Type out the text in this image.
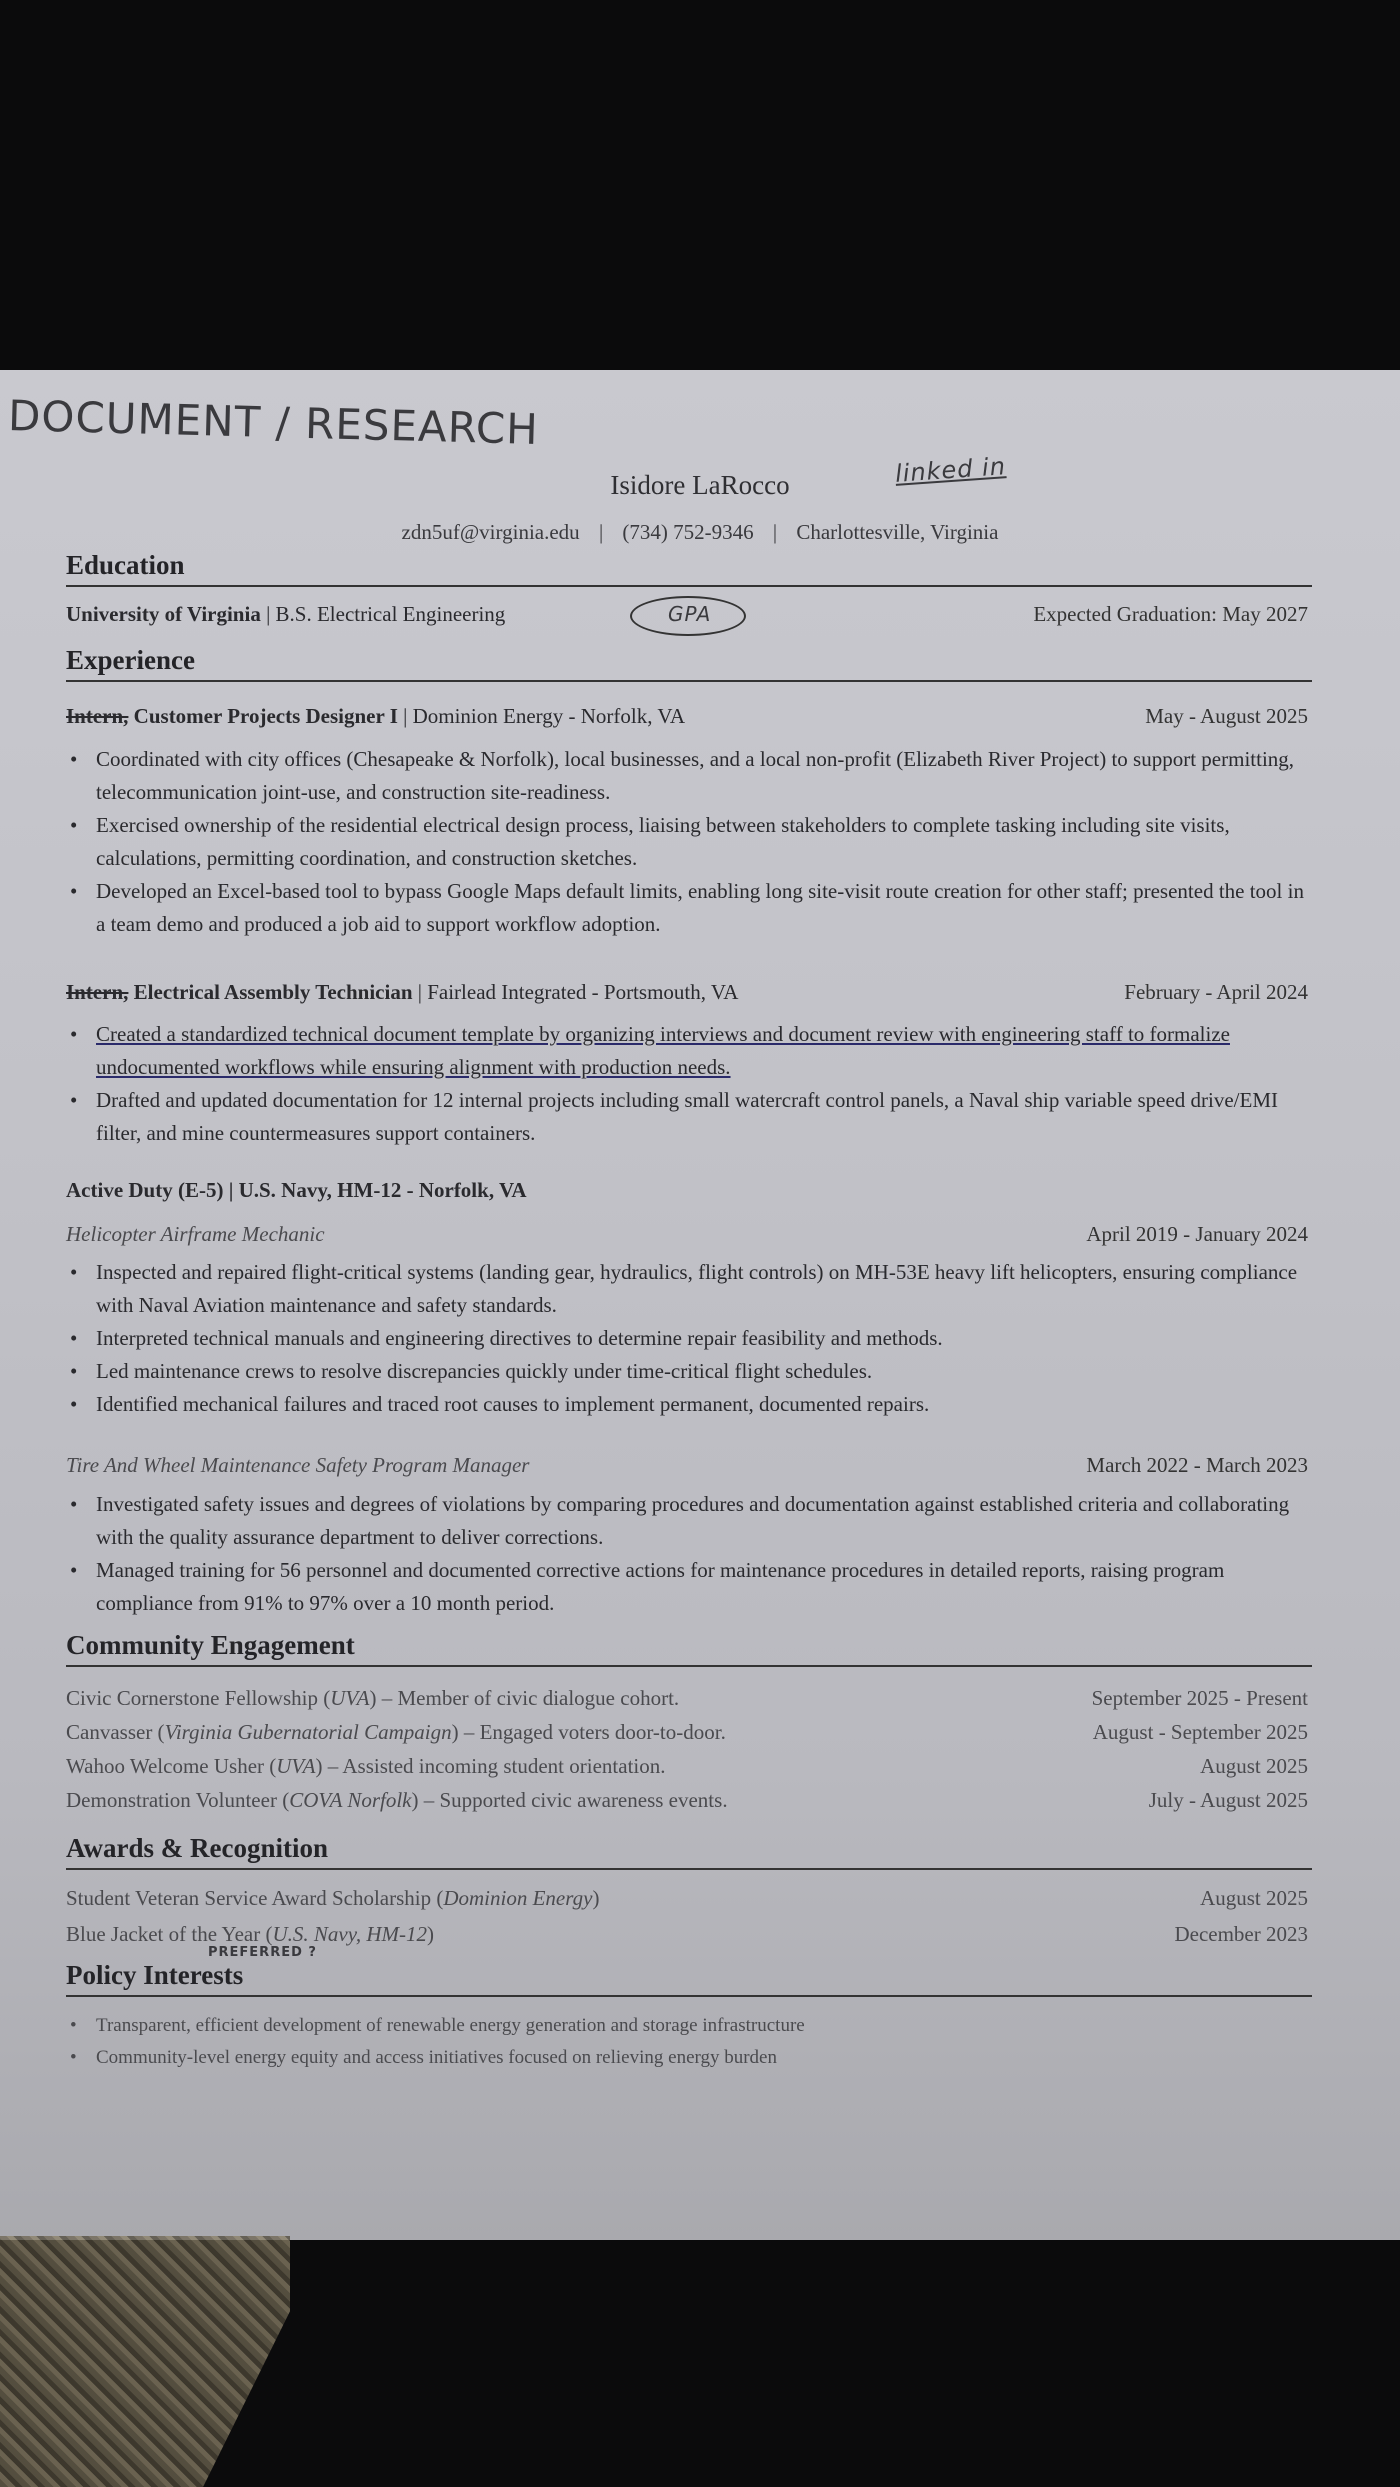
DOCUMENT / RESEARCH
linked in
Isidore LaRocco
zdn5uf@virginia.edu | (734) 752-9346 | Charlottesville, Virginia
Education
University of Virginia | B.S. Electrical Engineering	Expected Graduation: May 2027
GPA
Experience
Intern, Customer Projects Designer I | Dominion Energy - Norfolk, VA	May - August 2025
• Coordinated with city offices (Chesapeake & Norfolk), local businesses, and a local non-profit (Elizabeth River Project) to support permitting, telecommunication joint-use, and construction site-readiness.
• Exercised ownership of the residential electrical design process, liaising between stakeholders to complete tasking including site visits, calculations, permitting coordination, and construction sketches.
• Developed an Excel-based tool to bypass Google Maps default limits, enabling long site-visit route creation for other staff; presented the tool in a team demo and produced a job aid to support workflow adoption.
Intern, Electrical Assembly Technician | Fairlead Integrated - Portsmouth, VA	February - April 2024
• Created a standardized technical document template by organizing interviews and document review with engineering staff to formalize undocumented workflows while ensuring alignment with production needs.
• Drafted and updated documentation for 12 internal projects including small watercraft control panels, a Naval ship variable speed drive/EMI filter, and mine countermeasures support containers.
Active Duty (E-5) | U.S. Navy, HM-12 - Norfolk, VA
Helicopter Airframe Mechanic	April 2019 - January 2024
• Inspected and repaired flight-critical systems (landing gear, hydraulics, flight controls) on MH-53E heavy lift helicopters, ensuring compliance with Naval Aviation maintenance and safety standards.
• Interpreted technical manuals and engineering directives to determine repair feasibility and methods.
• Led maintenance crews to resolve discrepancies quickly under time-critical flight schedules.
• Identified mechanical failures and traced root causes to implement permanent, documented repairs.
Tire And Wheel Maintenance Safety Program Manager	March 2022 - March 2023
• Investigated safety issues and degrees of violations by comparing procedures and documentation against established criteria and collaborating with the quality assurance department to deliver corrections.
• Managed training for 56 personnel and documented corrective actions for maintenance procedures in detailed reports, raising program compliance from 91% to 97% over a 10 month period.
Community Engagement
Civic Cornerstone Fellowship (UVA) – Member of civic dialogue cohort.	September 2025 - Present
Canvasser (Virginia Gubernatorial Campaign) – Engaged voters door-to-door.	August - September 2025
Wahoo Welcome Usher (UVA) – Assisted incoming student orientation.	August 2025
Demonstration Volunteer (COVA Norfolk) – Supported civic awareness events.	July - August 2025
Awards & Recognition
Student Veteran Service Award Scholarship (Dominion Energy)	August 2025
Blue Jacket of the Year (U.S. Navy, HM-12)	December 2023
PREFERRED ?
Policy Interests
• Transparent, efficient development of renewable energy generation and storage infrastructure
• Community-level energy equity and access initiatives focused on relieving energy burden
